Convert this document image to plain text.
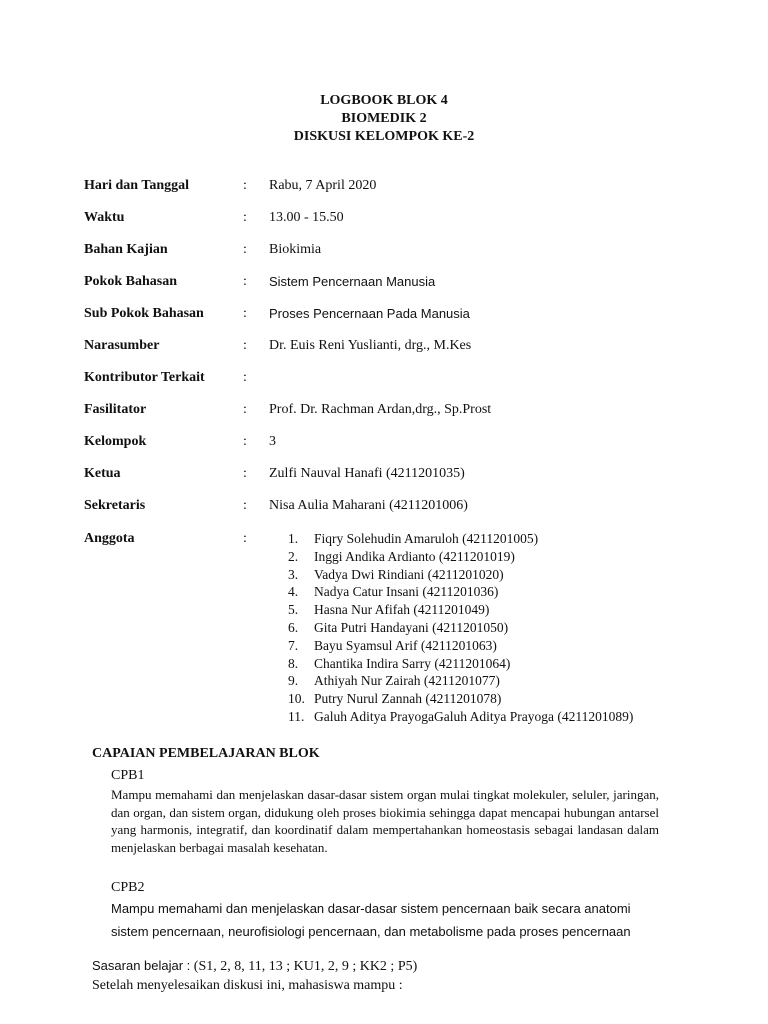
LOGBOOK BLOK 4
BIOMEDIK 2
DISKUSI KELOMPOK KE-2
Hari dan Tanggal	:	Rabu, 7 April 2020
Waktu	:	13.00 - 15.50
Bahan Kajian	:	Biokimia
Pokok Bahasan	:	Sistem Pencernaan Manusia
Sub Pokok Bahasan	:	Proses Pencernaan Pada Manusia
Narasumber	:	Dr. Euis Reni Yuslianti, drg., M.Kes
Kontributor Terkait	:
Fasilitator	:	Prof. Dr. Rachman Ardan,drg., Sp.Prost
Kelompok	:	3
Ketua	:	Zulfi Nauval Hanafi (4211201035)
Sekretaris	:	Nisa Aulia Maharani (4211201006)
Anggota	:	1. Fiqry Solehudin Amaruloh (4211201005)
2. Inggi Andika Ardianto (4211201019)
3. Vadya Dwi Rindiani (4211201020)
4. Nadya Catur Insani (4211201036)
5. Hasna Nur Afifah (4211201049)
6. Gita Putri Handayani (4211201050)
7. Bayu Syamsul Arif (4211201063)
8. Chantika Indira Sarry (4211201064)
9. Athiyah Nur Zairah (4211201077)
10. Putry Nurul Zannah (4211201078)
11. Galuh Aditya PrayogaGaluh Aditya Prayoga (4211201089)
CAPAIAN PEMBELAJARAN BLOK
CPB1

Mampu memahami dan menjelaskan dasar-dasar sistem organ mulai tingkat molekuler, seluler, jaringan, dan organ, dan sistem organ, didukung oleh proses biokimia sehingga dapat mencapai hubungan antarsel yang harmonis, integratif, dan koordinatif dalam mempertahankan homeostasis sebagai landasan dalam menjelaskan berbagai masalah kesehatan.

CPB2

Mampu memahami dan menjelaskan dasar-dasar sistem pencernaan baik secara anatomi sistem pencernaan, neurofisiologi pencernaan, dan metabolisme pada proses pencernaan

Sasaran belajar : (S1, 2, 8, 11, 13 ; KU1, 2, 9 ; KK2 ; P5)
Setelah menyelesaikan diskusi ini, mahasiswa mampu :
